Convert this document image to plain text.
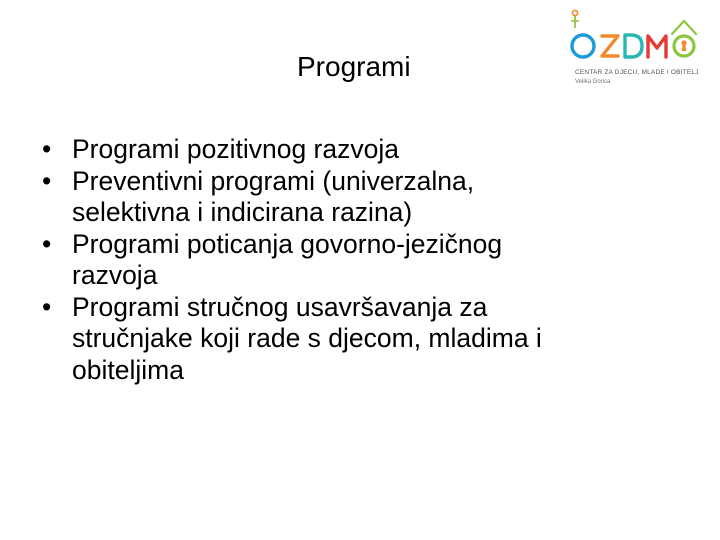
Programi	CENTAR ZA DJECU, MLADE I OBITELJ
Velika Gorica
• Programi pozitivnog razvoja
• Preventivni programi (univerzalna,
selektivna i indicirana razina)
• Programi poticanja govorno-jezičnog
razvoja
• Programi stručnog usavršavanja za
stručnjake koji rade s djecom, mladima i
obiteljima
